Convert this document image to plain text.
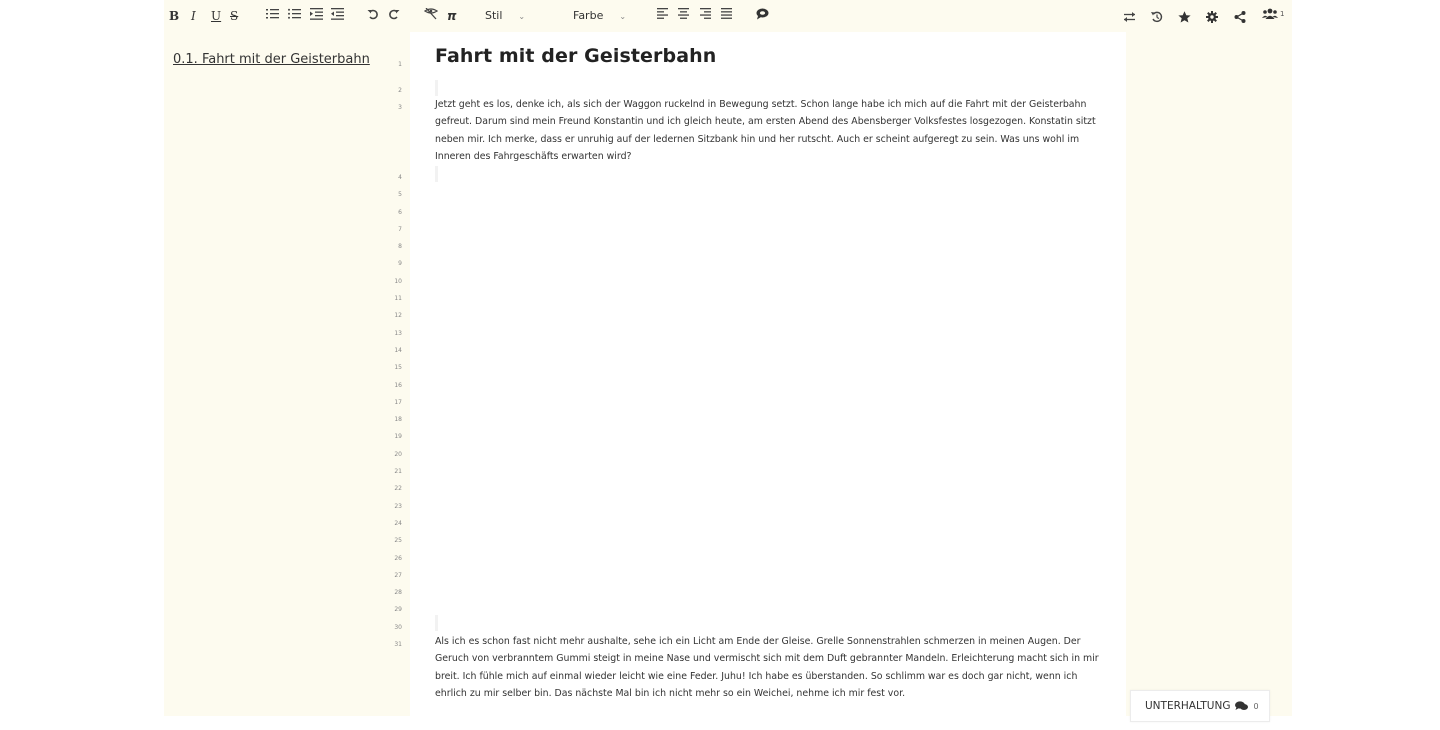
B I U S	π	Stil ⌄	Farbe ⌄	1
0.1. Fahrt mit der Geisterbahn	1
2
3
4
5
6
7
8
9
10
11
12
13
14
15
16
17
18
19
20
21
22
23
24
25
26
27
28
29
30
31
Fahrt mit der Geisterbahn
Jetzt geht es los, denke ich, als sich der Waggon ruckelnd in Bewegung setzt. Schon lange habe ich mich auf die Fahrt mit der Geisterbahn gefreut. Darum sind mein Freund Konstantin und ich gleich heute, am ersten Abend des Abensberger Volksfestes losgezogen. Konstatin sitzt neben mir. Ich merke, dass er unruhig auf der ledernen Sitzbank hin und her rutscht. Auch er scheint aufgeregt zu sein. Was uns wohl im Inneren des Fahrgeschäfts erwarten wird?
Als ich es schon fast nicht mehr aushalte, sehe ich ein Licht am Ende der Gleise. Grelle Sonnenstrahlen schmerzen in meinen Augen. Der Geruch von verbranntem Gummi steigt in meine Nase und vermischt sich mit dem Duft gebrannter Mandeln. Erleichterung macht sich in mir breit. Ich fühle mich auf einmal wieder leicht wie eine Feder. Juhu! Ich habe es überstanden. So schlimm war es doch gar nicht, wenn ich ehrlich zu mir selber bin. Das nächste Mal bin ich nicht mehr so ein Weichei, nehme ich mir fest vor.
UNTERHALTUNG	0
